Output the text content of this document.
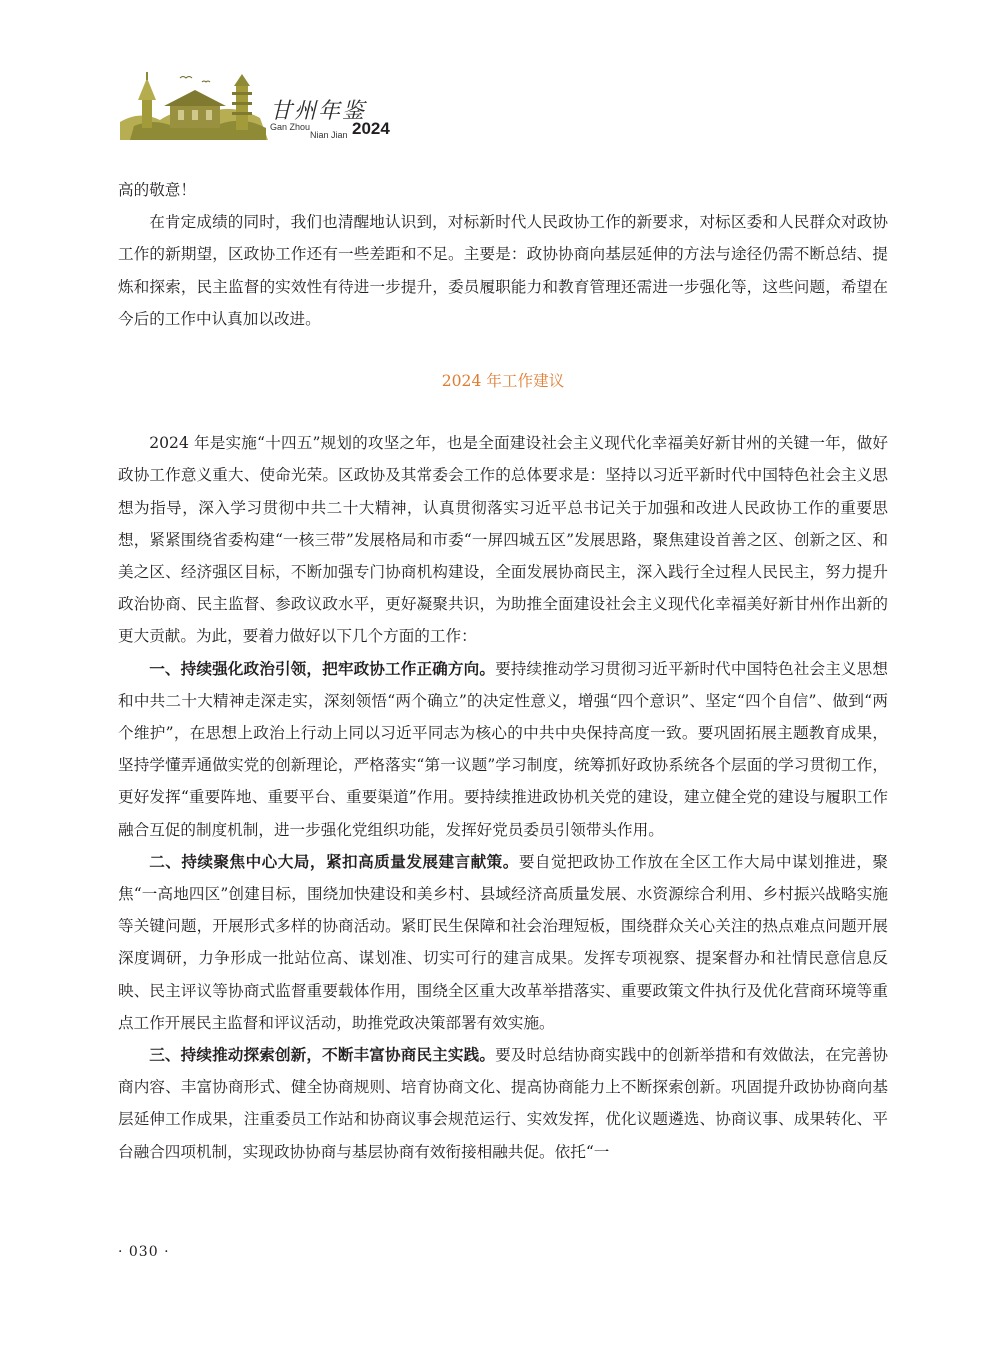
甘州年鉴
Gan Zhou
Nian Jian 2024

高的敬意！

在肯定成绩的同时，我们也清醒地认识到，对标新时代人民政协工作的新要求，对标区委和人民群众对政协工作的新期望，区政协工作还有一些差距和不足。主要是：政协协商向基层延伸的方法与途径仍需不断总结、提炼和探索，民主监督的实效性有待进一步提升，委员履职能力和教育管理还需进一步强化等，这些问题，希望在今后的工作中认真加以改进。

2024 年工作建议

2024 年是实施“十四五”规划的攻坚之年，也是全面建设社会主义现代化幸福美好新甘州的关键一年，做好政协工作意义重大、使命光荣。区政协及其常委会工作的总体要求是：坚持以习近平新时代中国特色社会主义思想为指导，深入学习贯彻中共二十大精神，认真贯彻落实习近平总书记关于加强和改进人民政协工作的重要思想，紧紧围绕省委构建“一核三带”发展格局和市委“一屏四城五区”发展思路，聚焦建设首善之区、创新之区、和美之区、经济强区目标，不断加强专门协商机构建设，全面发展协商民主，深入践行全过程人民民主，努力提升政治协商、民主监督、参政议政水平，更好凝聚共识，为助推全面建设社会主义现代化幸福美好新甘州作出新的更大贡献。为此，要着力做好以下几个方面的工作：

一、持续强化政治引领，把牢政协工作正确方向。要持续推动学习贯彻习近平新时代中国特色社会主义思想和中共二十大精神走深走实，深刻领悟“两个确立”的决定性意义，增强“四个意识”、坚定“四个自信”、做到“两个维护”，在思想上政治上行动上同以习近平同志为核心的中共中央保持高度一致。要巩固拓展主题教育成果，坚持学懂弄通做实党的创新理论，严格落实“第一议题”学习制度，统筹抓好政协系统各个层面的学习贯彻工作，更好发挥“重要阵地、重要平台、重要渠道”作用。要持续推进政协机关党的建设，建立健全党的建设与履职工作融合互促的制度机制，进一步强化党组织功能，发挥好党员委员引领带头作用。

二、持续聚焦中心大局，紧扣高质量发展建言献策。要自觉把政协工作放在全区工作大局中谋划推进，聚焦“一高地四区”创建目标，围绕加快建设和美乡村、县域经济高质量发展、水资源综合利用、乡村振兴战略实施等关键问题，开展形式多样的协商活动。紧盯民生保障和社会治理短板，围绕群众关心关注的热点难点问题开展深度调研，力争形成一批站位高、谋划准、切实可行的建言成果。发挥专项视察、提案督办和社情民意信息反映、民主评议等协商式监督重要载体作用，围绕全区重大改革举措落实、重要政策文件执行及优化营商环境等重点工作开展民主监督和评议活动，助推党政决策部署有效实施。

三、持续推动探索创新，不断丰富协商民主实践。要及时总结协商实践中的创新举措和有效做法，在完善协商内容、丰富协商形式、健全协商规则、培育协商文化、提高协商能力上不断探索创新。巩固提升政协协商向基层延伸工作成果，注重委员工作站和协商议事会规范运行、实效发挥，优化议题遴选、协商议事、成果转化、平台融合四项机制，实现政协协商与基层协商有效衔接相融共促。依托“一

· 030 ·
